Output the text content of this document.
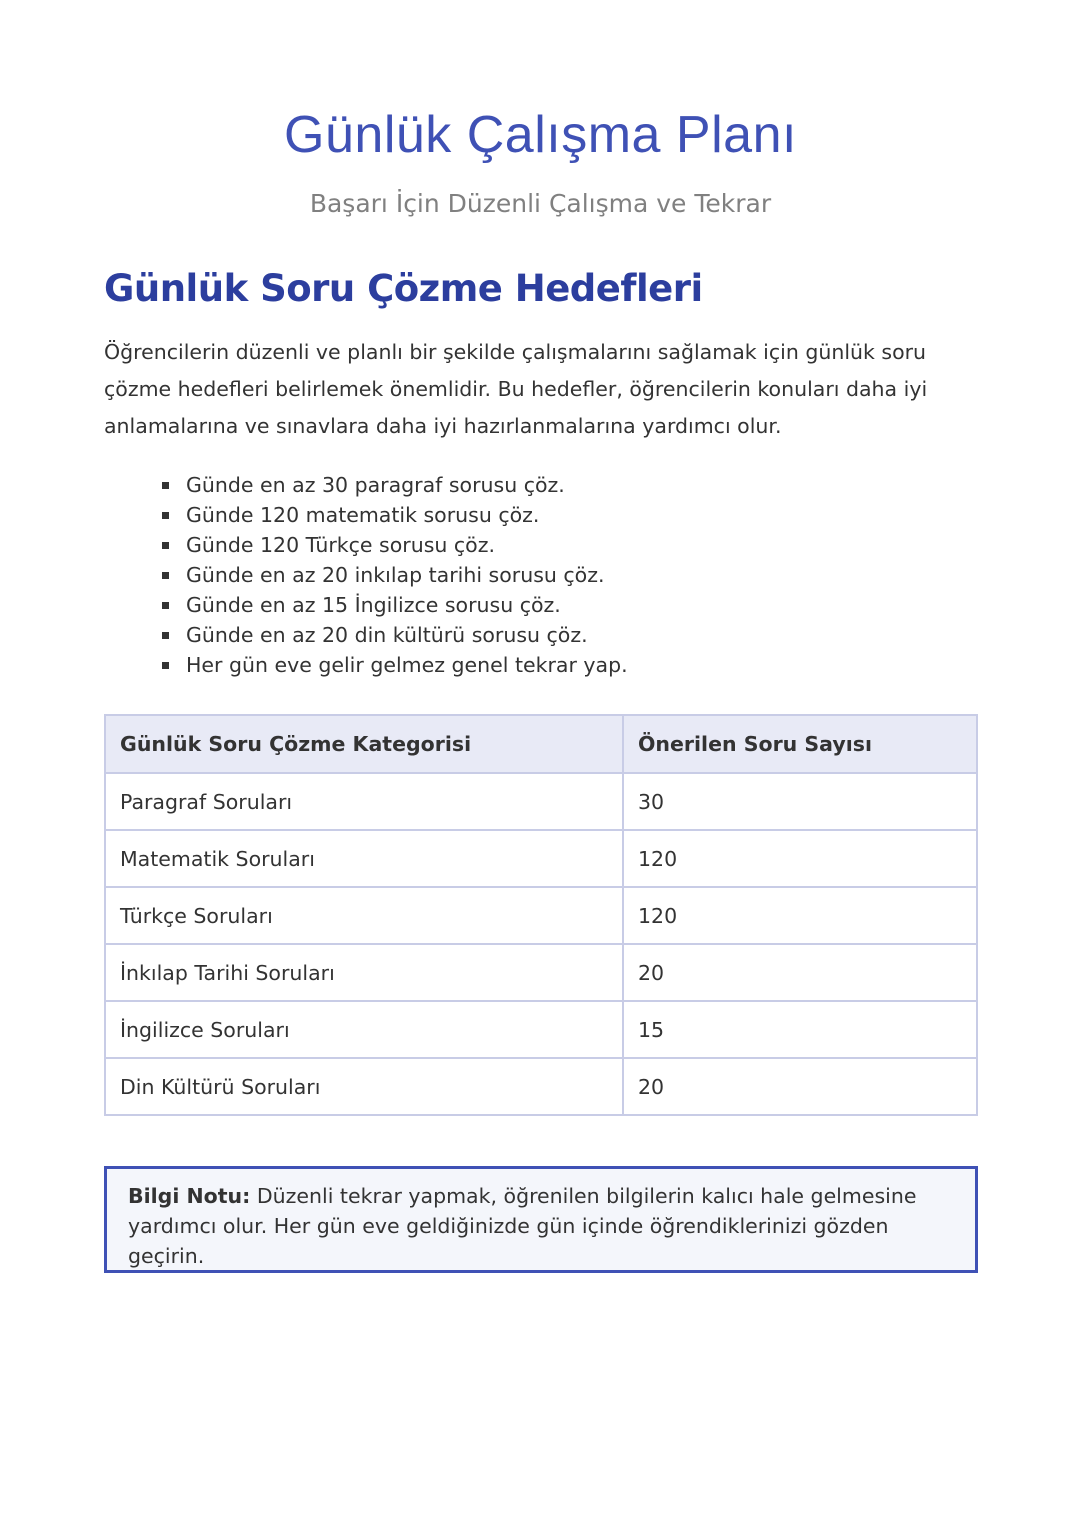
Günlük Çalışma Planı
Başarı İçin Düzenli Çalışma ve Tekrar
Günlük Soru Çözme Hedefleri

Öğrencilerin düzenli ve planlı bir şekilde çalışmalarını sağlamak için günlük soru çözme hedefleri belirlemek önemlidir. Bu hedefler, öğrencilerin konuları daha iyi anlamalarına ve sınavlara daha iyi hazırlanmalarına yardımcı olur.

Günde en az 30 paragraf sorusu çöz.
Günde 120 matematik sorusu çöz.
Günde 120 Türkçe sorusu çöz.
Günde en az 20 inkılap tarihi sorusu çöz.
Günde en az 15 İngilizce sorusu çöz.
Günde en az 20 din kültürü sorusu çöz.
Her gün eve gelir gelmez genel tekrar yap.
Günlük Soru Çözme Kategorisi	Önerilen Soru Sayısı
Paragraf Soruları	30
Matematik Soruları	120
Türkçe Soruları	120
İnkılap Tarihi Soruları	20
İngilizce Soruları	15
Din Kültürü Soruları	20
Bilgi Notu: Düzenli tekrar yapmak, öğrenilen bilgilerin kalıcı hale gelmesine yardımcı olur. Her gün eve geldiğinizde gün içinde öğrendiklerinizi gözden geçirin.
